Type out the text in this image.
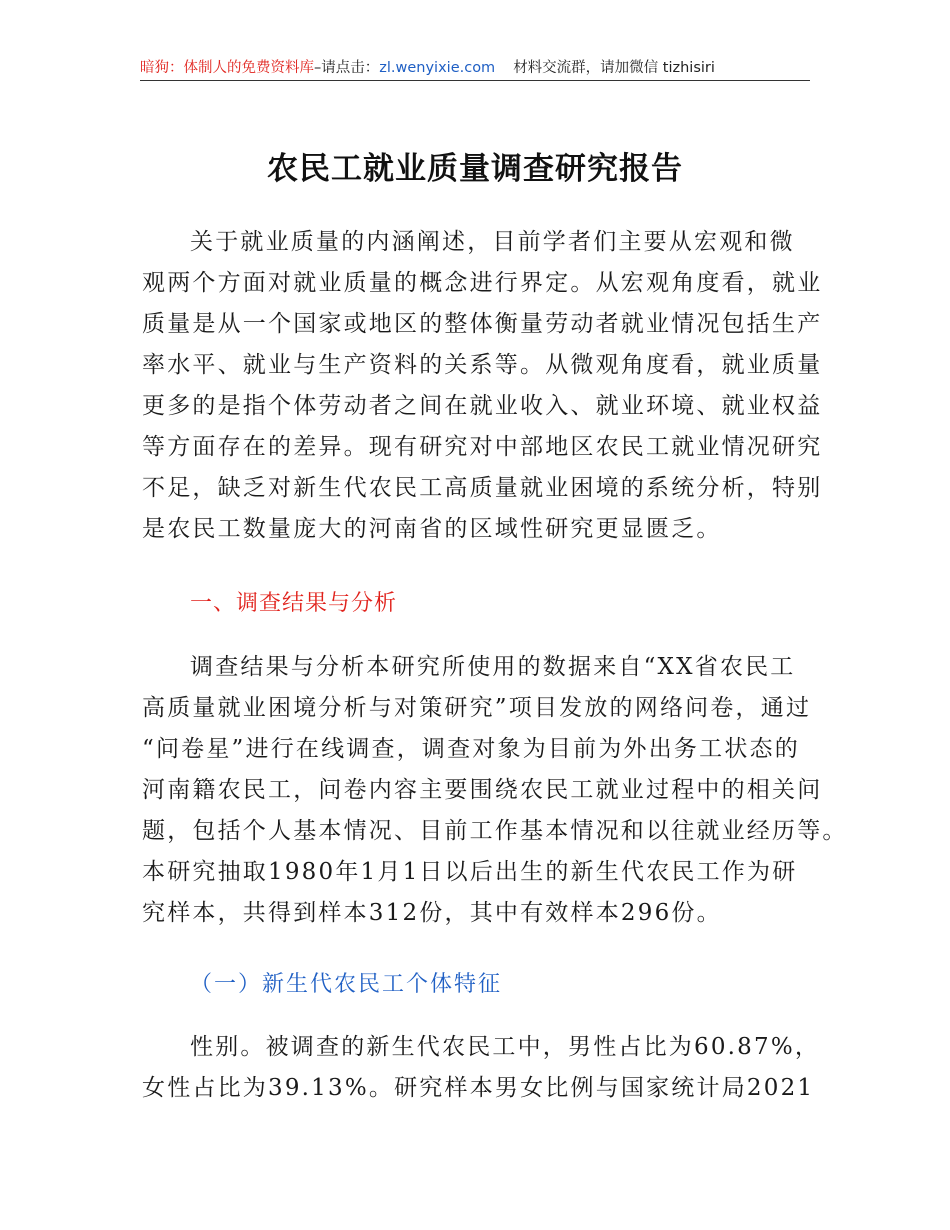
暗狗：体制人的免费资料库–请点击：zl.wenyixie.com 材料交流群，请加微信 tizhisiri
农民工就业质量调查研究报告
关于就业质量的内涵阐述，目前学者们主要从宏观和微
观两个方面对就业质量的概念进行界定。从宏观角度看，就业
质量是从一个国家或地区的整体衡量劳动者就业情况包括生产
率水平、就业与生产资料的关系等。从微观角度看，就业质量
更多的是指个体劳动者之间在就业收入、就业环境、就业权益
等方面存在的差异。现有研究对中部地区农民工就业情况研究
不足，缺乏对新生代农民工高质量就业困境的系统分析，特别
是农民工数量庞大的河南省的区域性研究更显匮乏。
一、调查结果与分析
调查结果与分析本研究所使用的数据来自“XX省农民工
高质量就业困境分析与对策研究”项目发放的网络问卷，通过
“问卷星”进行在线调查，调查对象为目前为外出务工状态的
河南籍农民工，问卷内容主要围绕农民工就业过程中的相关问
题，包括个人基本情况、目前工作基本情况和以往就业经历等。
本研究抽取1980年1月1日以后出生的新生代农民工作为研
究样本，共得到样本312份，其中有效样本296份。
（一）新生代农民工个体特征
性别。被调查的新生代农民工中，男性占比为60.87%，
女性占比为39.13%。研究样本男女比例与国家统计局2021
